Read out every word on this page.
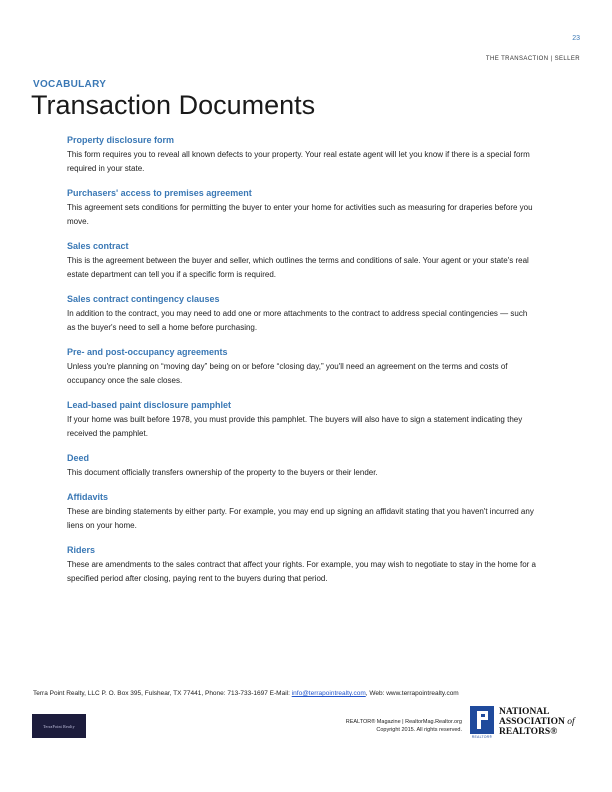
23
THE TRANSACTION | SELLER
VOCABULARY
Transaction Documents
Property disclosure form
This form requires you to reveal all known defects to your property. Your real estate agent will let you know if there is a special form required in your state.
Purchasers' access to premises agreement
This agreement sets conditions for permitting the buyer to enter your home for activities such as measuring for draperies before you move.
Sales contract
This is the agreement between the buyer and seller, which outlines the terms and conditions of sale. Your agent or your state's real estate department can tell you if a specific form is required.
Sales contract contingency clauses
In addition to the contract, you may need to add one or more attachments to the contract to address special contingencies — such as the buyer's need to sell a home before purchasing.
Pre- and post-occupancy agreements
Unless you're planning on “moving day” being on or before “closing day,” you'll need an agreement on the terms and costs of occupancy once the sale closes.
Lead-based paint disclosure pamphlet
If your home was built before 1978, you must provide this pamphlet. The buyers will also have to sign a statement indicating they received the pamphlet.
Deed
This document officially transfers ownership of the property to the buyers or their lender.
Affidavits
These are binding statements by either party. For example, you may end up signing an affidavit stating that you haven't incurred any liens on your home.
Riders
These are amendments to the sales contract that affect your rights. For example, you may wish to negotiate to stay in the home for a specified period after closing, paying rent to the buyers during that period.
Terra Point Realty, LLC P. O. Box 395, Fulshear, TX 77441, Phone: 713-733-1697 E-Mail: info@terrapointrealty.com, Web: www.terrapointrealty.com
TerraPoint Realty
REALTOR® Magazine | RealtorMag.Realtor.org
Copyright 2015. All rights reserved.
REALTOR®
NATIONAL
ASSOCIATION of
REALTORS®
